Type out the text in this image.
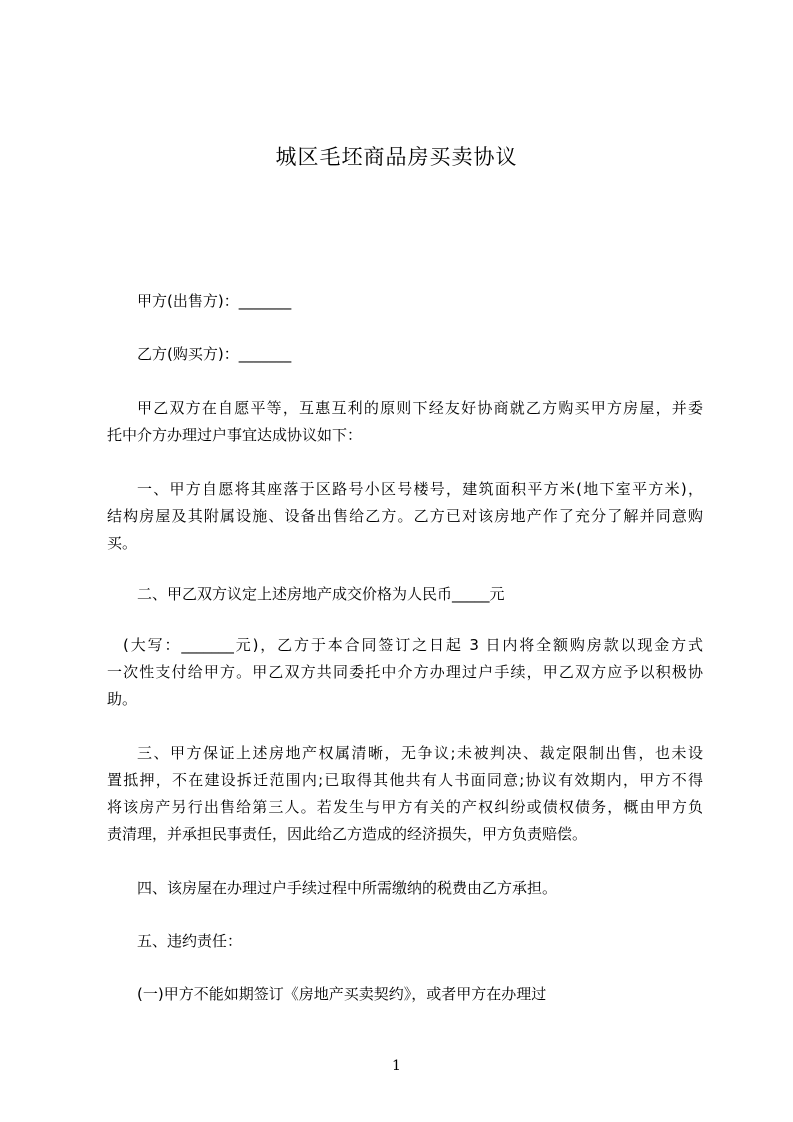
城区毛坯商品房买卖协议
甲方(出售方)：_______
乙方(购买方)：_______
甲乙双方在自愿平等，互惠互利的原则下经友好协商就乙方购买甲方房屋，并委
托中介方办理过户事宜达成协议如下：
一、甲方自愿将其座落于区路号小区号楼号，建筑面积平方米(地下室平方米)，
结构房屋及其附属设施、设备出售给乙方。乙方已对该房地产作了充分了解并同意购
买。
二、甲乙双方议定上述房地产成交价格为人民币_____元
(大写：_______元)，乙方于本合同签订之日起 3 日内将全额购房款以现金方式
一次性支付给甲方。甲乙双方共同委托中介方办理过户手续，甲乙双方应予以积极协
助。
三、甲方保证上述房地产权属清晰，无争议;未被判决、裁定限制出售，也未设
置抵押，不在建设拆迁范围内;已取得其他共有人书面同意;协议有效期内，甲方不得
将该房产另行出售给第三人。若发生与甲方有关的产权纠纷或债权债务，概由甲方负
责清理，并承担民事责任，因此给乙方造成的经济损失，甲方负责赔偿。
四、该房屋在办理过户手续过程中所需缴纳的税费由乙方承担。
五、违约责任：
(一)甲方不能如期签订《房地产买卖契约》，或者甲方在办理过
1
